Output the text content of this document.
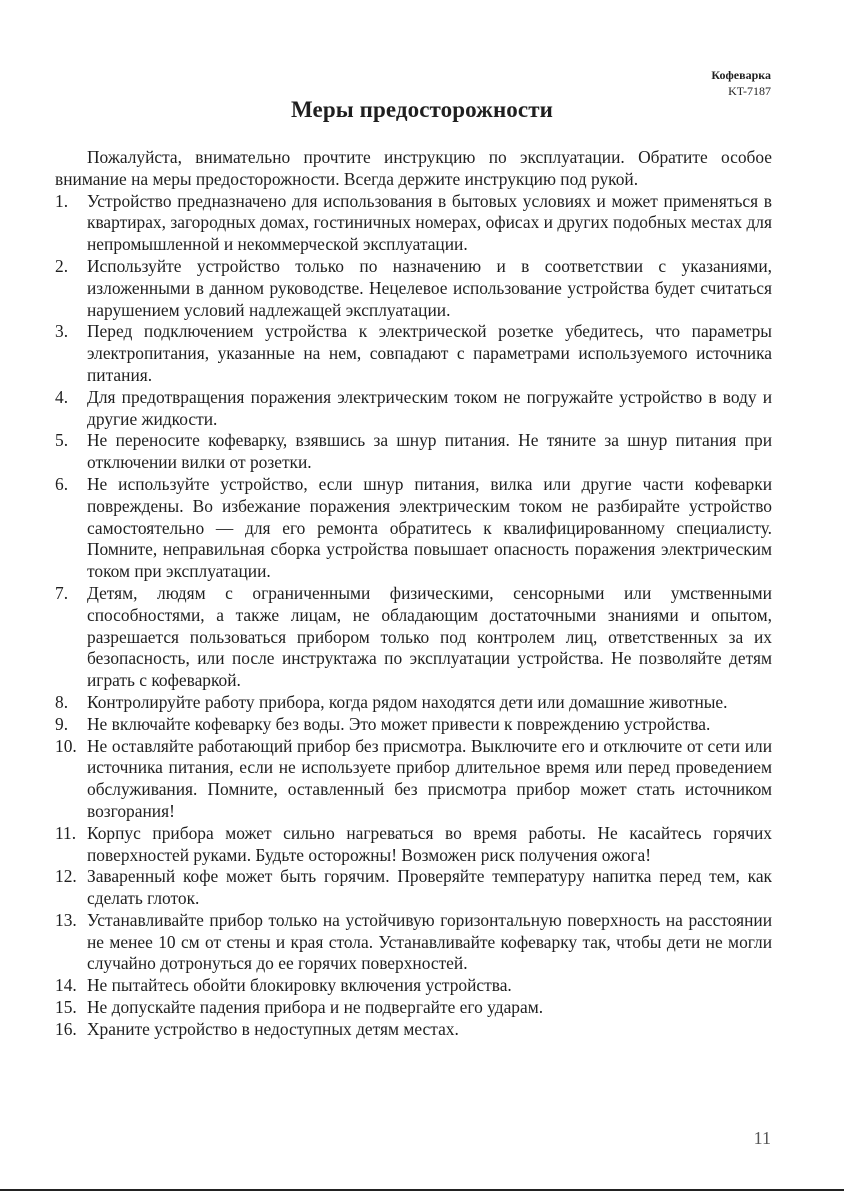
Кофеварка
KT-7187
Меры предосторожности

Пожалуйста, внимательно прочтите инструкцию по эксплуатации. Обратите особое внимание на меры предосторожности. Всегда держите инструкцию под рукой.

1.	Устройство предназначено для использования в бытовых условиях и может применяться в квартирах, загородных домах, гостиничных номерах, офисах и других подобных местах для непромышленной и некоммерческой эксплуатации.
2.	Используйте устройство только по назначению и в соответствии с указаниями, изложенными в данном руководстве. Нецелевое использование устройства будет считаться нарушением условий надлежащей эксплуатации.
3.	Перед подключением устройства к электрической розетке убедитесь, что параметры электропитания, указанные на нем, совпадают с параметрами используемого источника питания.
4.	Для предотвращения поражения электрическим током не погружайте устройство в воду и другие жидкости.
5.	Не переносите кофеварку, взявшись за шнур питания. Не тяните за шнур питания при отключении вилки от розетки.
6.	Не используйте устройство, если шнур питания, вилка или другие части кофеварки повреждены. Во избежание поражения электрическим током не разбирайте устройство самостоятельно — для его ремонта обратитесь к квалифицированному специалисту. Помните, неправильная сборка устройства повышает опасность поражения электрическим током при эксплуатации.
7.	Детям, людям с ограниченными физическими, сенсорными или умственными способностями, а также лицам, не обладающим достаточными знаниями и опытом, разрешается пользоваться прибором только под контролем лиц, ответственных за их безопасность, или после инструктажа по эксплуатации устройства. Не позволяйте детям играть с кофеваркой.
8.	Контролируйте работу прибора, когда рядом находятся дети или домашние животные.
9.	Не включайте кофеварку без воды. Это может привести к повреждению устройства.
10. Не оставляйте работающий прибор без присмотра. Выключите его и отключите от сети или источника питания, если не используете прибор длительное время или перед проведением обслуживания. Помните, оставленный без присмотра прибор может стать источником возгорания!
11. Корпус прибора может сильно нагреваться во время работы. Не касайтесь горячих поверхностей руками. Будьте осторожны! Возможен риск получения ожога!
12. Заваренный кофе может быть горячим. Проверяйте температуру напитка перед тем, как сделать глоток.
13. Устанавливайте прибор только на устойчивую горизонтальную поверхность на расстоянии не менее 10 см от стены и края стола. Устанавливайте кофеварку так, чтобы дети не могли случайно дотронуться до ее горячих поверхностей.
14. Не пытайтесь обойти блокировку включения устройства.
15. Не допускайте падения прибора и не подвергайте его ударам.
16. Храните устройство в недоступных детям местах.
11
